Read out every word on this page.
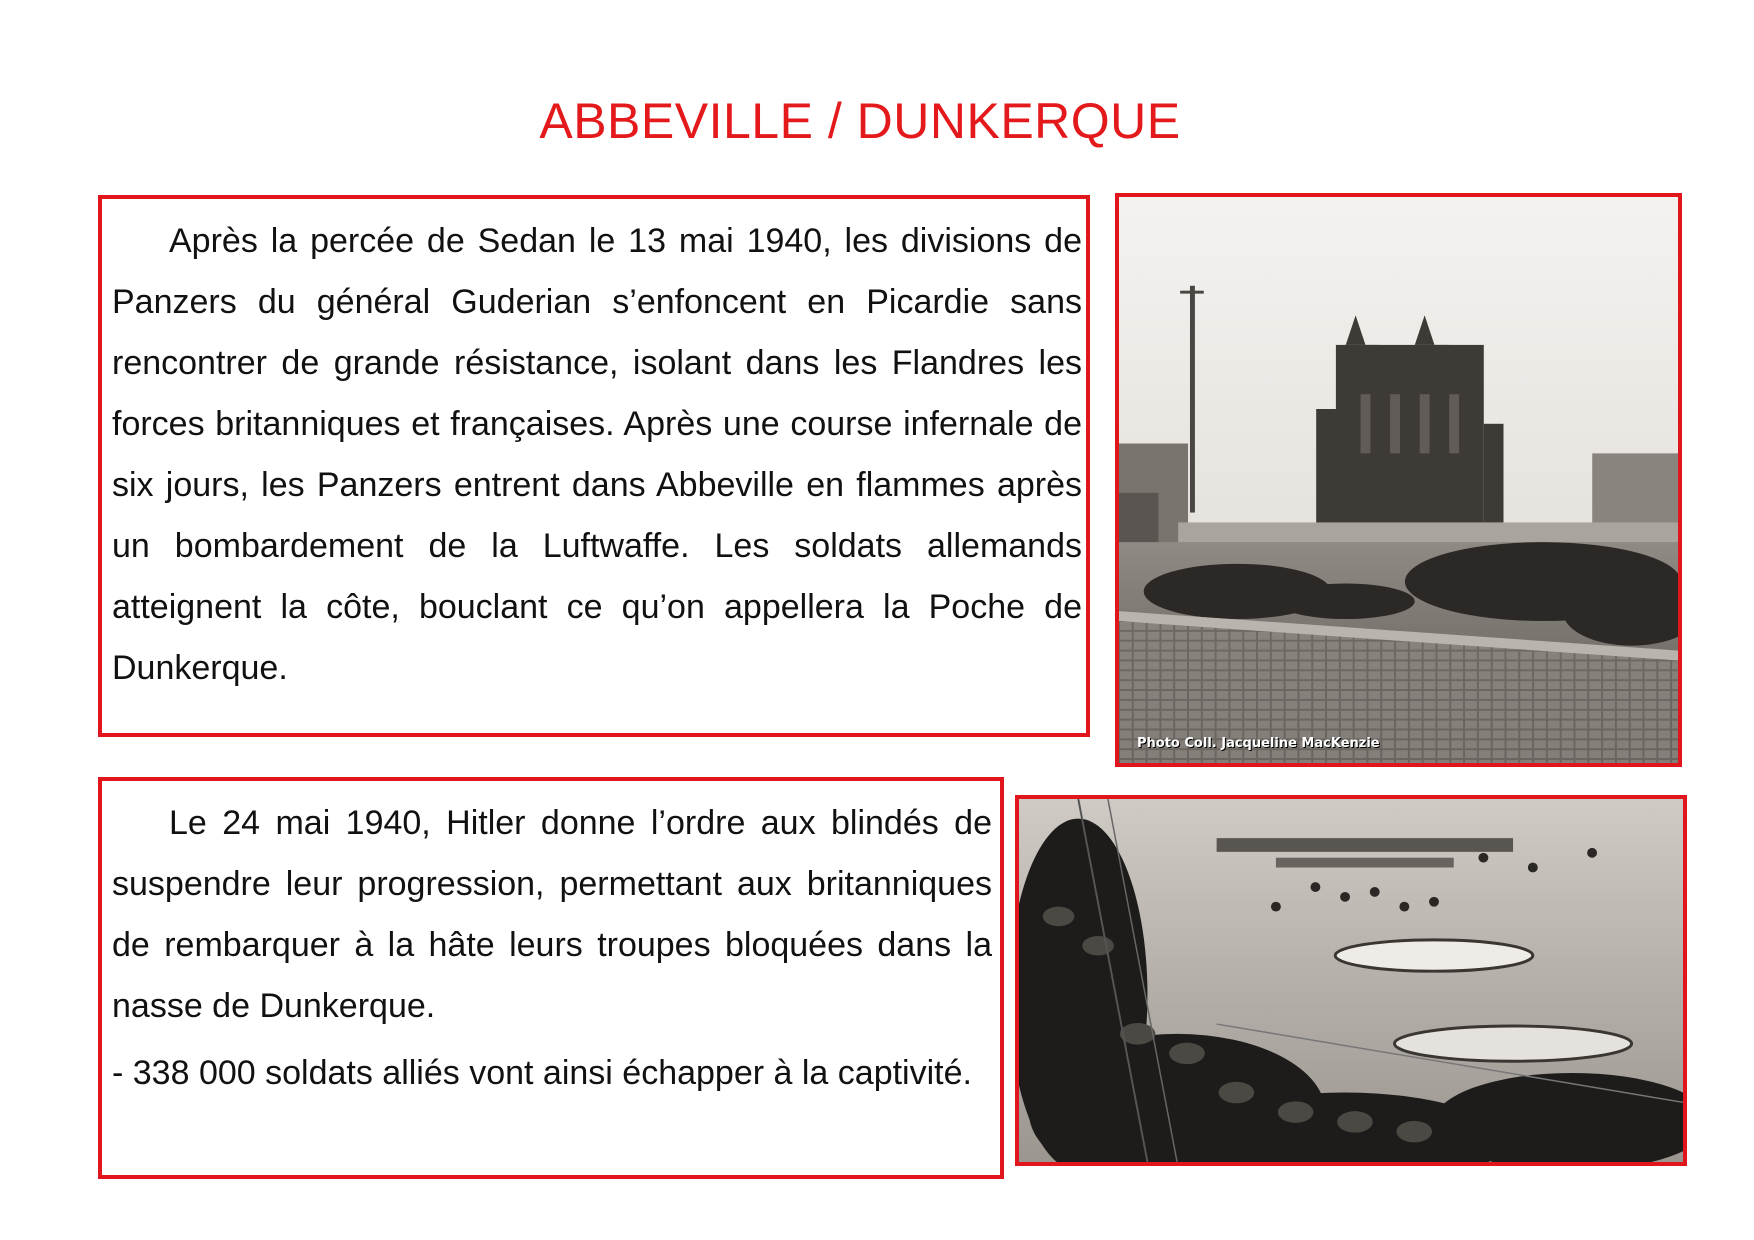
ABBEVILLE / DUNKERQUE

Après la percée de Sedan le 13 mai 1940, les divisions de Panzers du général Guderian s’enfoncent en Picardie sans rencontrer de grande résistance, isolant dans les Flandres les forces britanniques et françaises. Après une course infernale de six jours, les Panzers entrent dans Abbeville en flammes après un bombardement de la Luftwaffe. Les soldats allemands atteignent la côte, bouclant ce qu’on appellera la Poche de Dunkerque.

Photo Coll. Jacqueline MacKenzie

Le 24 mai 1940, Hitler donne l’ordre aux blindés de suspendre leur progression, permettant aux britanniques de rembarquer à la hâte leurs troupes bloquées dans la nasse de Dunkerque.

- 338 000 soldats alliés vont ainsi échapper à la captivité.
